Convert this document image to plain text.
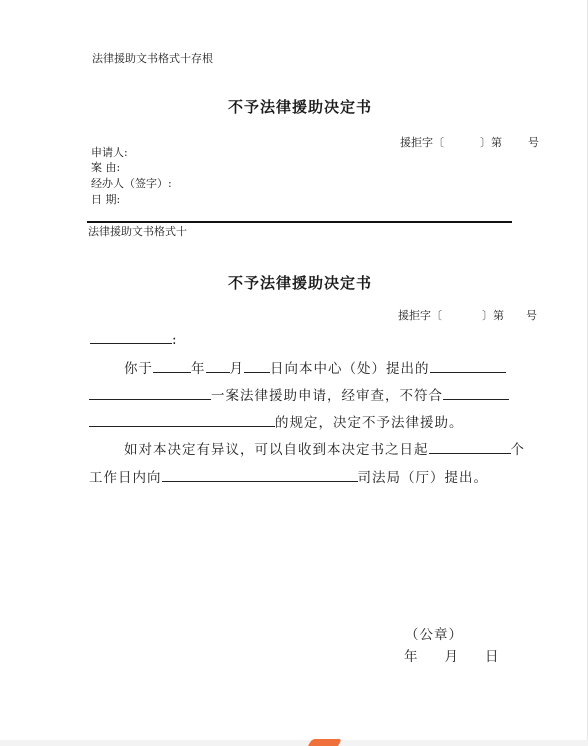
法律援助文书格式十存根
不予法律援助决定书
援拒字〔	〕第 号
申请人:
案 由:
经办人（签字）:
日 期:
法律援助文书格式十
不予法律援助决定书
援拒字〔	〕第 号
:
你于	年 月 日向本中心（处）提出的
一案法律援助申请，经审查，不符合
的规定，决定不予法律援助。
如对本决定有异议，可以自收到本决定书之日起	个
工作日内向	司法局（厅）提出。
（公章）
年 月 日
